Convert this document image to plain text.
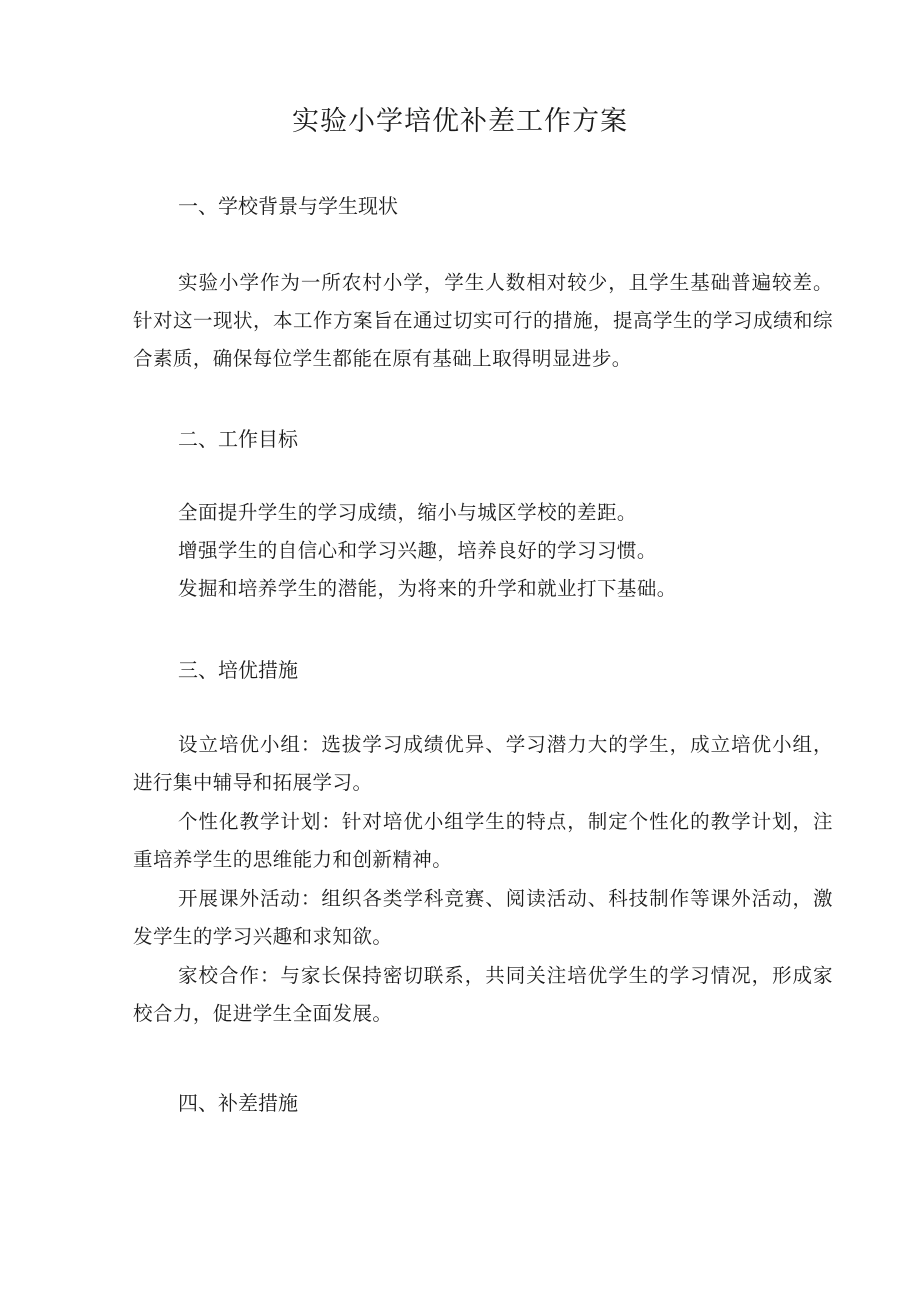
实验小学培优补差工作方案
一、学校背景与学生现状

实验小学作为一所农村小学，学生人数相对较少，且学生基础普遍较差。针对这一现状，本工作方案旨在通过切实可行的措施，提高学生的学习成绩和综合素质，确保每位学生都能在原有基础上取得明显进步。

二、工作目标

全面提升学生的学习成绩，缩小与城区学校的差距。

增强学生的自信心和学习兴趣，培养良好的学习习惯。

发掘和培养学生的潜能，为将来的升学和就业打下基础。

三、培优措施

设立培优小组：选拔学习成绩优异、学习潜力大的学生，成立培优小组，进行集中辅导和拓展学习。

个性化教学计划：针对培优小组学生的特点，制定个性化的教学计划，注重培养学生的思维能力和创新精神。

开展课外活动：组织各类学科竞赛、阅读活动、科技制作等课外活动，激发学生的学习兴趣和求知欲。

家校合作：与家长保持密切联系，共同关注培优学生的学习情况，形成家校合力，促进学生全面发展。

四、补差措施
